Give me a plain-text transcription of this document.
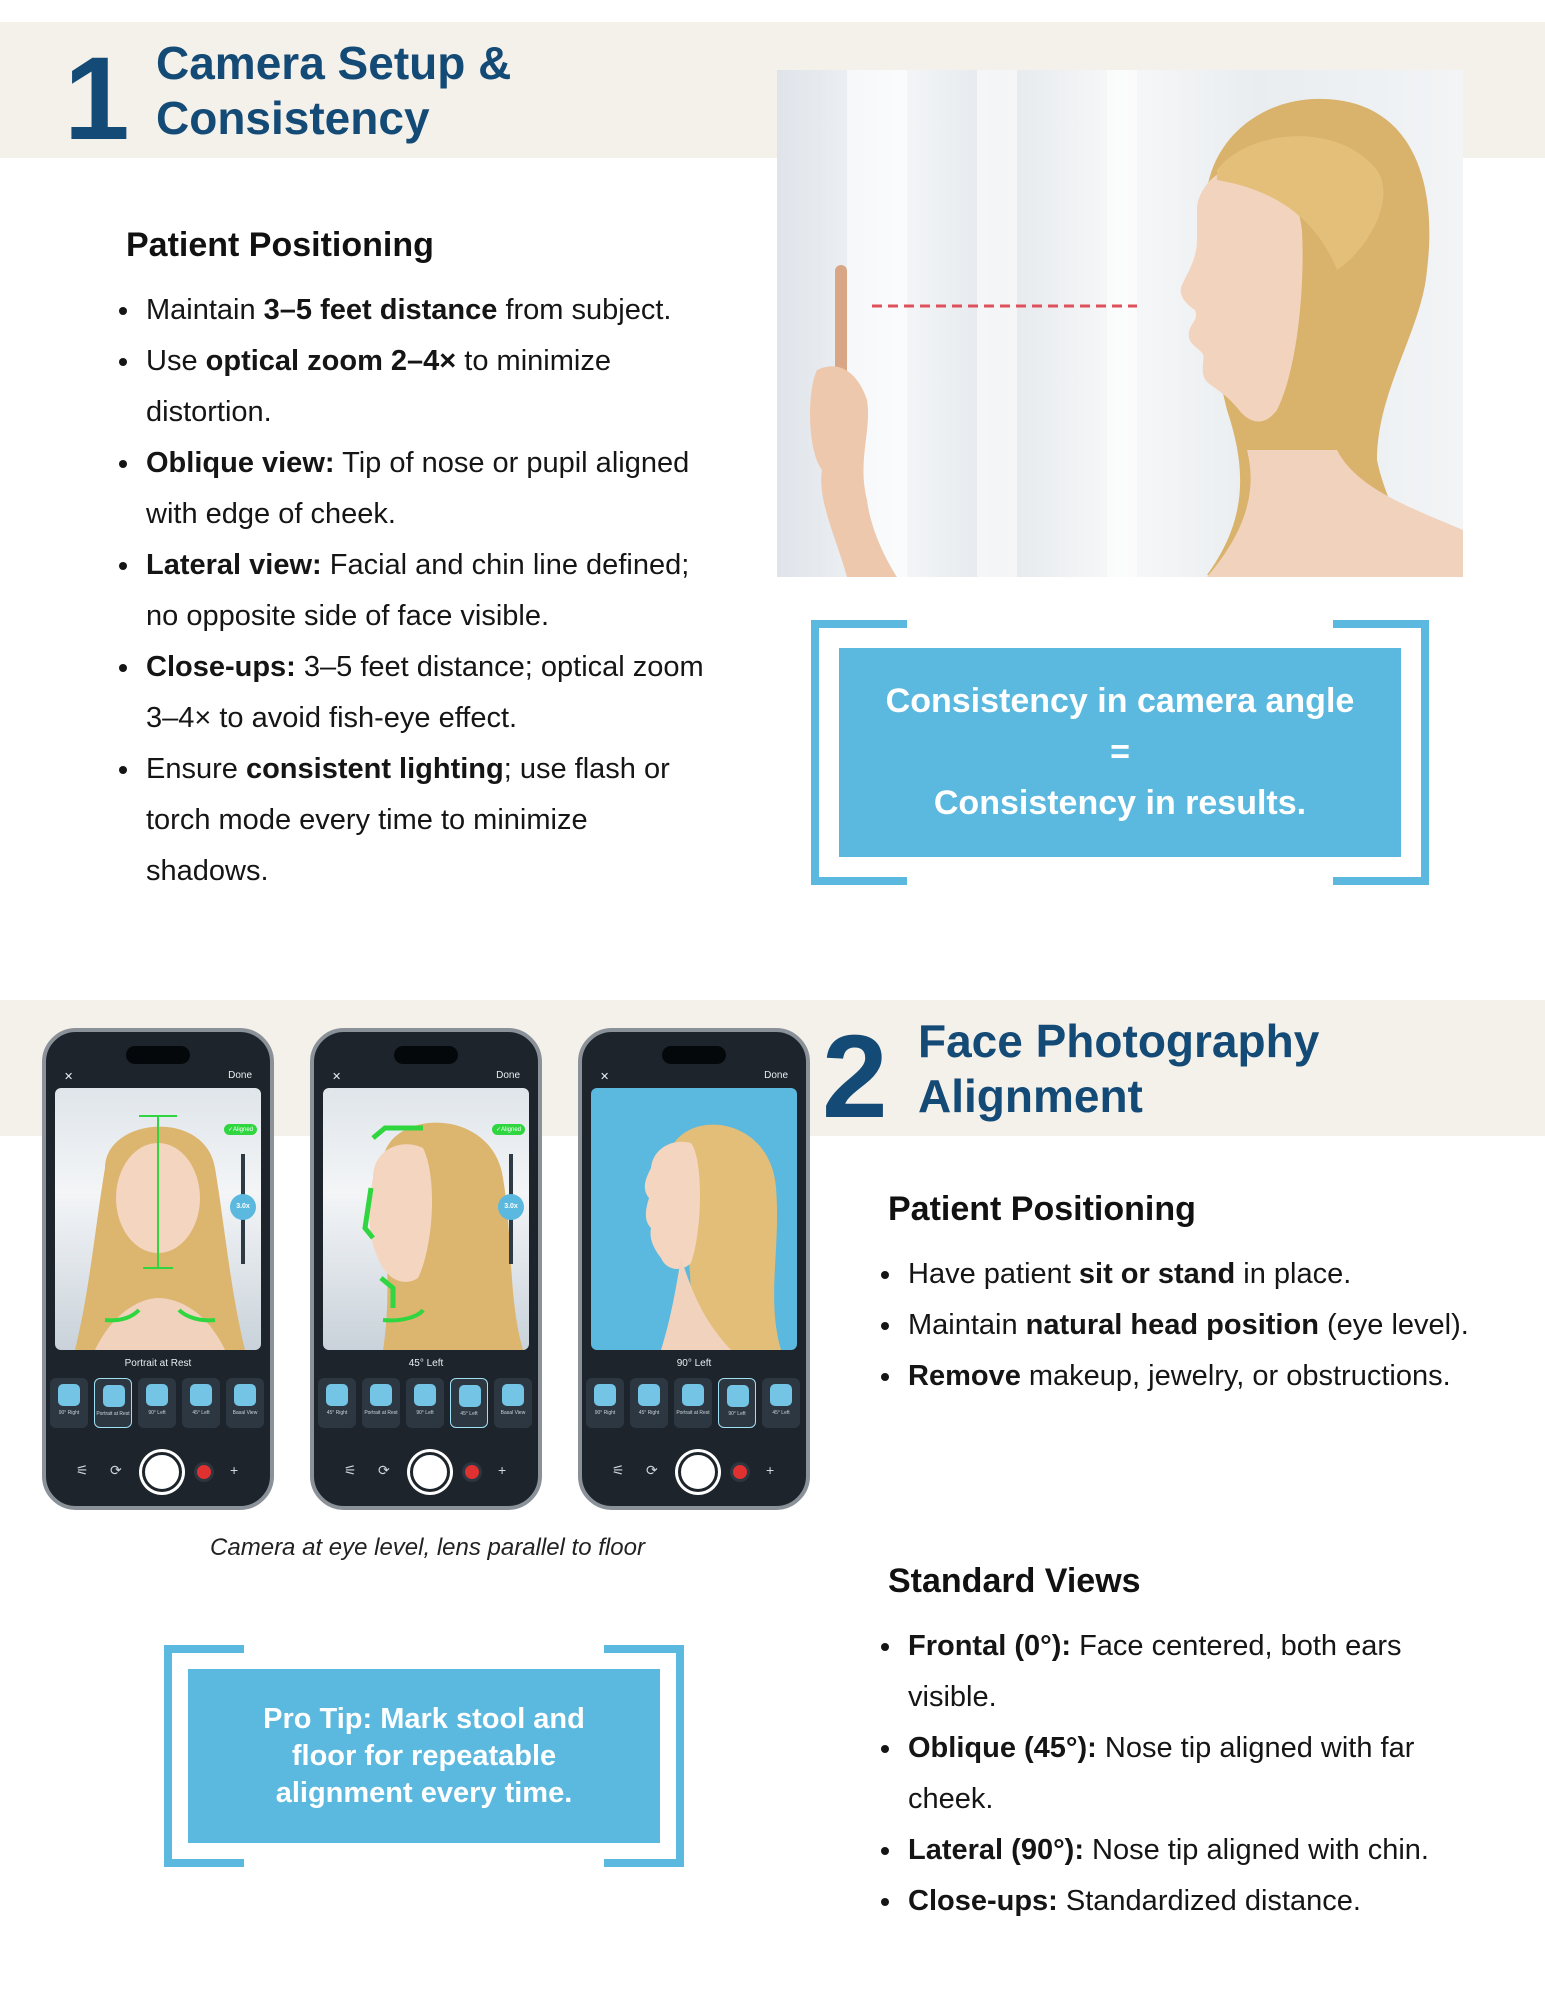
1 Camera Setup &
Consistency
Patient Positioning
Maintain 3–5 feet distance from subject.
Use optical zoom 2–4× to minimize distortion.
Oblique view: Tip of nose or pupil aligned with edge of cheek.
Lateral view: Facial and chin line defined; no opposite side of face visible.
Close-ups: 3–5 feet distance; optical zoom 3–4× to avoid fish-eye effect.
Ensure consistent lighting; use flash or torch mode every time to minimize shadows.
Consistency in camera angle
=
Consistency in results.
2 Face Photography
Alignment
Patient Positioning
Have patient sit or stand in place.
Maintain natural head position (eye level).
Remove makeup, jewelry, or obstructions.
Standard Views
Frontal (0°): Face centered, both ears visible.
Oblique (45°): Nose tip aligned with far cheek.
Lateral (90°): Nose tip aligned with chin.
Close-ups: Standardized distance.
✕	Done
✓Aligned
3.0x
Portrait at Rest
90° Right	Portrait at Rest	90° Left	45° Left	Basal View
⚟ ⟳	+
✕	Done
✓Aligned
3.0x
45° Left
45° Right	Portrait at Rest	90° Left	45° Left	Basal View
⚟ ⟳	+
✕	Done
90° Left
90° Right	45° Right	Portrait at Rest	90° Left	45° Left
⚟ ⟳	+
Camera at eye level, lens parallel to floor
Pro Tip: Mark stool and
floor for repeatable
alignment every time.
